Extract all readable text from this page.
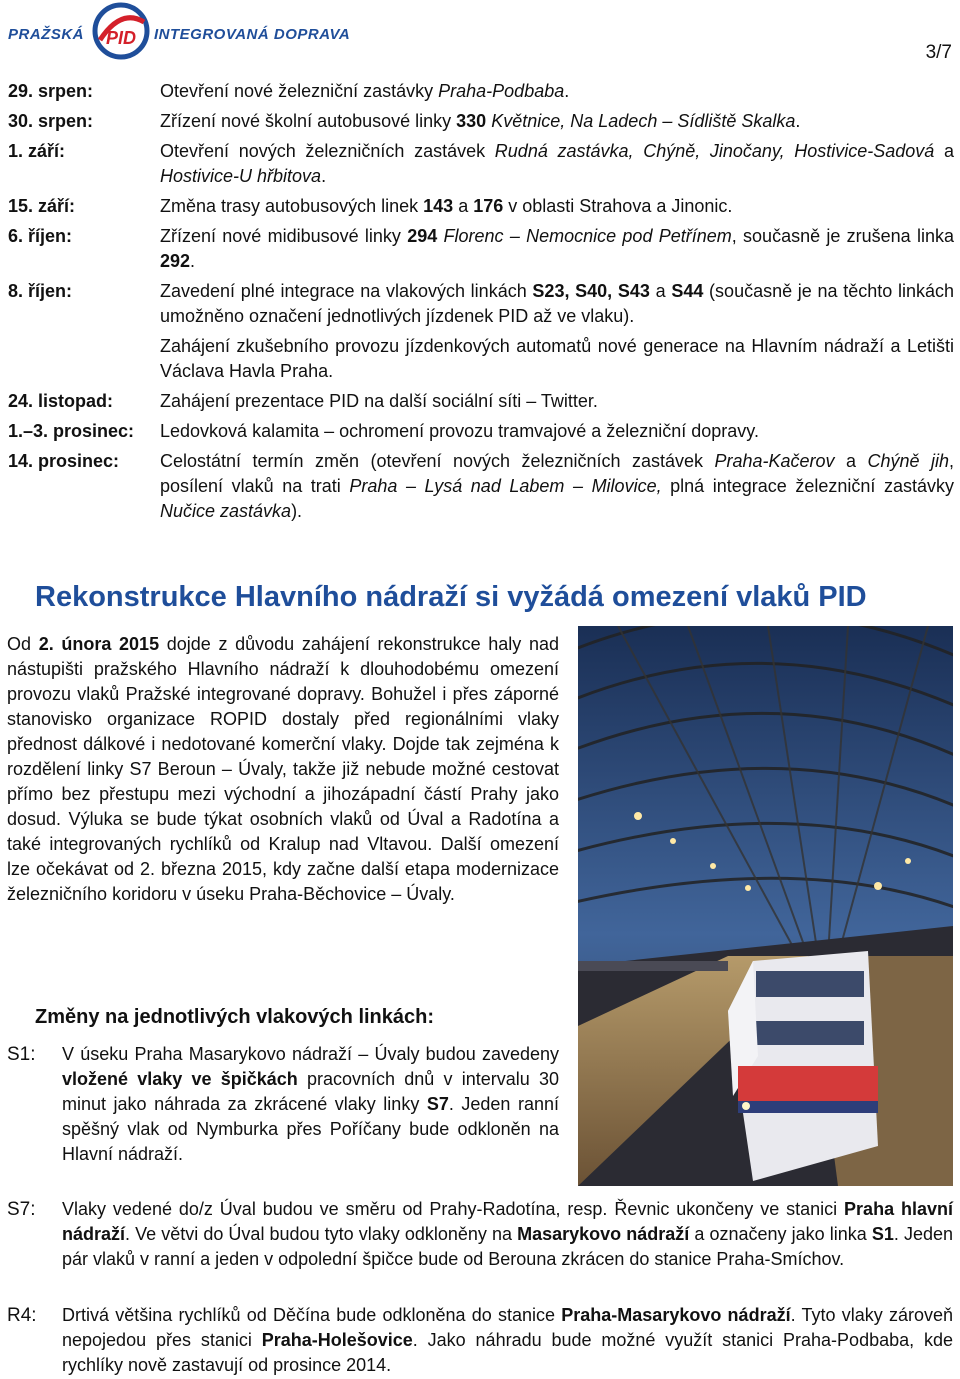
PRAŽSKÁ PID INTEGROVANÁ DOPRAVA
3/7
29. srpen:	Otevření nové železniční zastávky Praha-Podbaba.
30. srpen:	Zřízení nové školní autobusové linky 330 Květnice, Na Ladech – Sídliště Skalka.
1. září:	Otevření nových železničních zastávek Rudná zastávka, Chýně, Jinočany, Hostivice-Sadová a Hostivice-U hřbitova.
15. září:	Změna trasy autobusových linek 143 a 176 v oblasti Strahova a Jinonic.
6. říjen:	Zřízení nové midibusové linky 294 Florenc – Nemocnice pod Petřínem, současně je zrušena linka 292.
8. říjen:	Zavedení plné integrace na vlakových linkách S23, S40, S43 a S44 (současně je na těchto linkách umožněno označení jednotlivých jízdenek PID až ve vlaku).
Zahájení zkušebního provozu jízdenkových automatů nové generace na Hlavním nádraží a Letišti Václava Havla Praha.
24. listopad:	Zahájení prezentace PID na další sociální síti – Twitter.
1.–3. prosinec:	Ledovková kalamita – ochromení provozu tramvajové a železniční dopravy.
14. prosinec:	Celostátní termín změn (otevření nových železničních zastávek Praha-Kačerov a Chýně jih, posílení vlaků na trati Praha – Lysá nad Labem – Milovice, plná integrace železniční zastávky Nučice zastávka).
Rekonstrukce Hlavního nádraží si vyžádá omezení vlaků PID
Od 2. února 2015 dojde z důvodu zahájení rekonstrukce haly nad nástupišti pražského Hlavního nádraží k dlouhodobému omezení provozu vlaků Pražské integrované dopravy. Bohužel i přes záporné stanovisko organizace ROPID dostaly před regionálními vlaky přednost dálkové i nedotované komerční vlaky. Dojde tak zejména k rozdělení linky S7 Beroun – Úvaly, takže již nebude možné cestovat přímo bez přestupu mezi východní a jihozápadní částí Prahy jako dosud. Výluka se bude týkat osobních vlaků od Úval a Radotína a také integrovaných rychlíků od Kralup nad Vltavou. Další omezení lze očekávat od 2. března 2015, kdy začne další etapa modernizace železničního koridoru v úseku Praha-Běchovice – Úvaly.
Změny na jednotlivých vlakových linkách:
S1:	V úseku Praha Masarykovo nádraží – Úvaly budou zavedeny vložené vlaky ve špičkách pracovních dnů v intervalu 30 minut jako náhrada za zkrácené vlaky linky S7. Jeden ranní spěšný vlak od Nymburka přes Poříčany bude odkloněn na Hlavní nádraží.
S7:	Vlaky vedené do/z Úval budou ve směru od Prahy-Radotína, resp. Řevnic ukončeny ve stanici Praha hlavní nádraží. Ve větvi do Úval budou tyto vlaky odkloněny na Masarykovo nádraží a označeny jako linka S1. Jeden pár vlaků v ranní a jeden v odpolední špičce bude od Berouna zkrácen do stanice Praha-Smíchov.
R4:	Drtivá většina rychlíků od Děčína bude odkloněna do stanice Praha-Masarykovo nádraží. Tyto vlaky zároveň nepojedou přes stanici Praha-Holešovice. Jako náhradu bude možné využít stanici Praha-Podbaba, kde rychlíky nově zastavují od prosince 2014.
